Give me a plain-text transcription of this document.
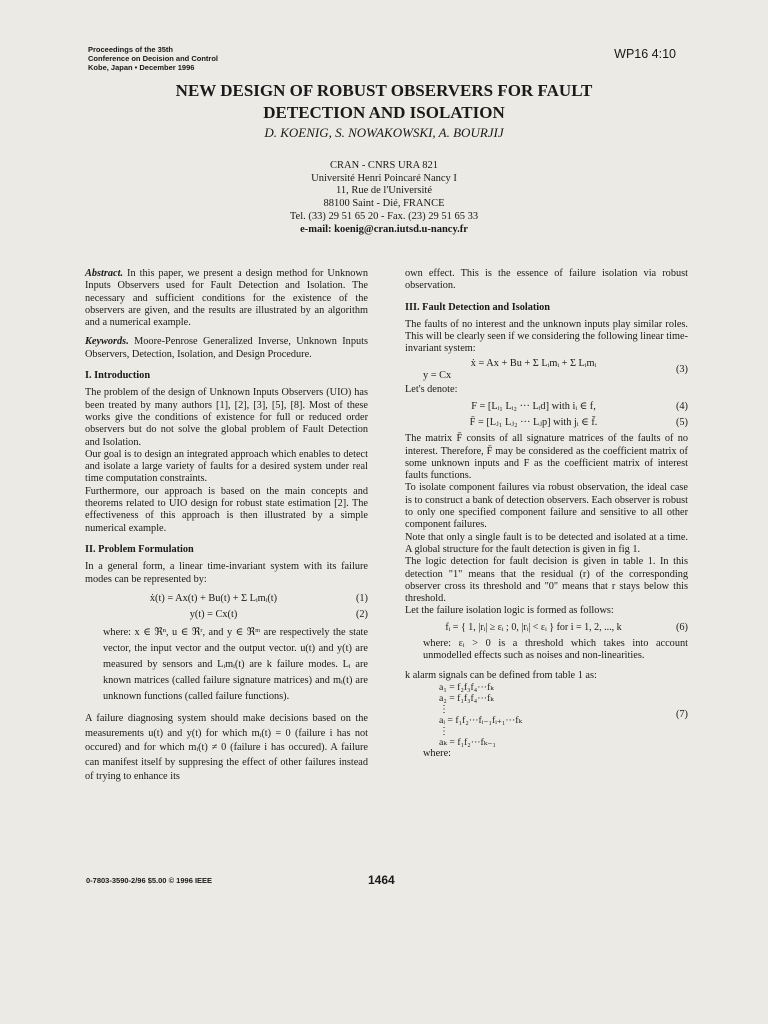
Proceedings of the 35th
Conference on Decision and Control
Kobe, Japan • December 1996
WP16 4:10
NEW DESIGN OF ROBUST OBSERVERS FOR FAULT
DETECTION AND ISOLATION
D. KOENIG, S. NOWAKOWSKI, A. BOURJIJ
CRAN - CNRS URA 821
Université Henri Poincaré Nancy I
11, Rue de l'Université
88100 Saint - Dié, FRANCE
Tel. (33) 29 51 65 20 - Fax. (23) 29 51 65 33
e-mail: koenig@cran.iutsd.u-nancy.fr

Abstract. In this paper, we present a design method for Unknown Inputs Observers used for Fault Detection and Isolation. The necessary and sufficient conditions for the existence of the observers are given, and the results are illustrated by an algorithm and a numerical example.

Keywords. Moore-Penrose Generalized Inverse, Unknown Inputs Observers, Detection, Isolation, and Design Procedure.

I. Introduction

The problem of the design of Unknown Inputs Observers (UIO) has been treated by many authors [1], [2], [3], [5], [8]. Most of these works give the conditions of existence for full or reduced order observers but do not solve the global problem of Fault Detection and Isolation.

Our goal is to design an integrated approach which enables to detect and isolate a large variety of faults for a desired system under real time computation constraints.

Furthermore, our approach is based on the main concepts and theorems related to UIO design for robust state estimation [2]. The effectiveness of this approach is then illustrated by a simple numerical example.

II. Problem Formulation

In a general form, a linear time-invariant system with its failure modes can be represented by:

ẋ(t) = Ax(t) + Bu(t) + Σ Lᵢmᵢ(t)	(1)
y(t) = Cx(t)	(2)

where: x ∈ ℜⁿ, u ∈ ℜʳ, and y ∈ ℜᵐ are respectively the state vector, the input vector and the output vector. u(t) and y(t) are measured by sensors and Lᵢmᵢ(t) are k failure modes. Lᵢ are known matrices (called failure signature matrices) and mᵢ(t) are unknown functions (called failure functions).

A failure diagnosing system should make decisions based on the measurements u(t) and y(t) for which mᵢ(t) = 0 (failure i has not occured) and for which mᵢ(t) ≠ 0 (failure i has occured). A failure can manifest itself by suppresing the effect of other failures instead of trying to enhance its

own effect. This is the essence of failure isolation via robust observation.

III. Fault Detection and Isolation

The faults of no interest and the unknown inputs play similar roles. This will be clearly seen if we considering the following linear time-invariant system:

ẋ = Ax + Bu + Σ Lᵢmᵢ + Σ Lᵢmᵢ
y = Cx
(3)
Let's denote:
F = [Lᵢ₁ Lᵢ₂ ··· Lᵢd] with iᵢ ∈ f,	(4)
F̄ = [Lⱼ₁ Lⱼ₂ ··· Lⱼp] with jᵢ ∈ f̄.	(5)

The matrix F̄ consits of all signature matrices of the faults of no interest. Therefore, F̄ may be considered as the coefficient matrix of some unknown inputs and F as the coefficient matrix of interest faults functions.

To isolate component failures via robust observation, the ideal case is to construct a bank of detection observers. Each observer is robust to only one specified component failure and sensitive to all other component failures.

Note that only a single fault is to be detected and isolated at a time. A global structure for the fault detection is given in fig 1.

The logic detection for fault decision is given in table 1. In this detection "1" means that the residual (r) of the corresponding observer cross its threshold and "0" means that r stays below this threshold.

Let the failure isolation logic is formed as follows:

fᵢ = { 1, |rᵢ| ≥ εᵢ ; 0, |rᵢ| < εᵢ } for i = 1, 2, ..., k	(6)

where: εᵢ > 0 is a threshold which takes into account unmodelled effects such as noises and non-linearities.

k alarm signals can be defined from table 1 as:

a₁ = f₂f₃f₄···fₖ
a₂ = f₁f₃f₄···fₖ
⋮
aᵢ = f₁f₂···fᵢ₋₁fᵢ₊₁···fₖ
⋮
aₖ = f₁f₂···fₖ₋₁
(7)
where:
0-7803-3590-2/96 $5.00 © 1996 IEEE	1464
